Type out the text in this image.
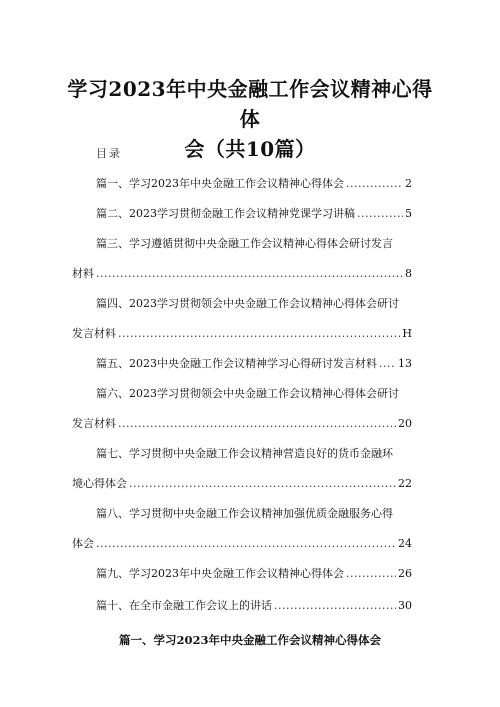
学习2023年中央金融工作会议精神心得体
会（共10篇）
目录
篇一、学习2023年中央金融工作会议精神心得体会 .....	2
篇二、2023学习贯彻金融工作会议精神党课学习讲稿 .....	5
篇三、学习遵循贯彻中央金融工作会议精神心得体会研讨发言
材料 .....	8
篇四、2023学习贯彻领会中央金融工作会议精神心得体会研讨
发言材料 .....	H
篇五、2023中央金融工作会议精神学习心得研讨发言材料 ..... 13
篇六、2023学习贯彻领会中央金融工作会议精神心得体会研讨
发言材料 .....	20
篇七、学习贯彻中央金融工作会议精神营造良好的货币金融环
境心得体会 .....	22
篇八、学习贯彻中央金融工作会议精神加强优质金融服务心得
体会 .....	24
篇九、学习2023年中央金融工作会议精神心得体会 .....	26
篇十、在全市金融工作会议上的讲话 .....	30
篇一、学习2023年中央金融工作会议精神心得体会
